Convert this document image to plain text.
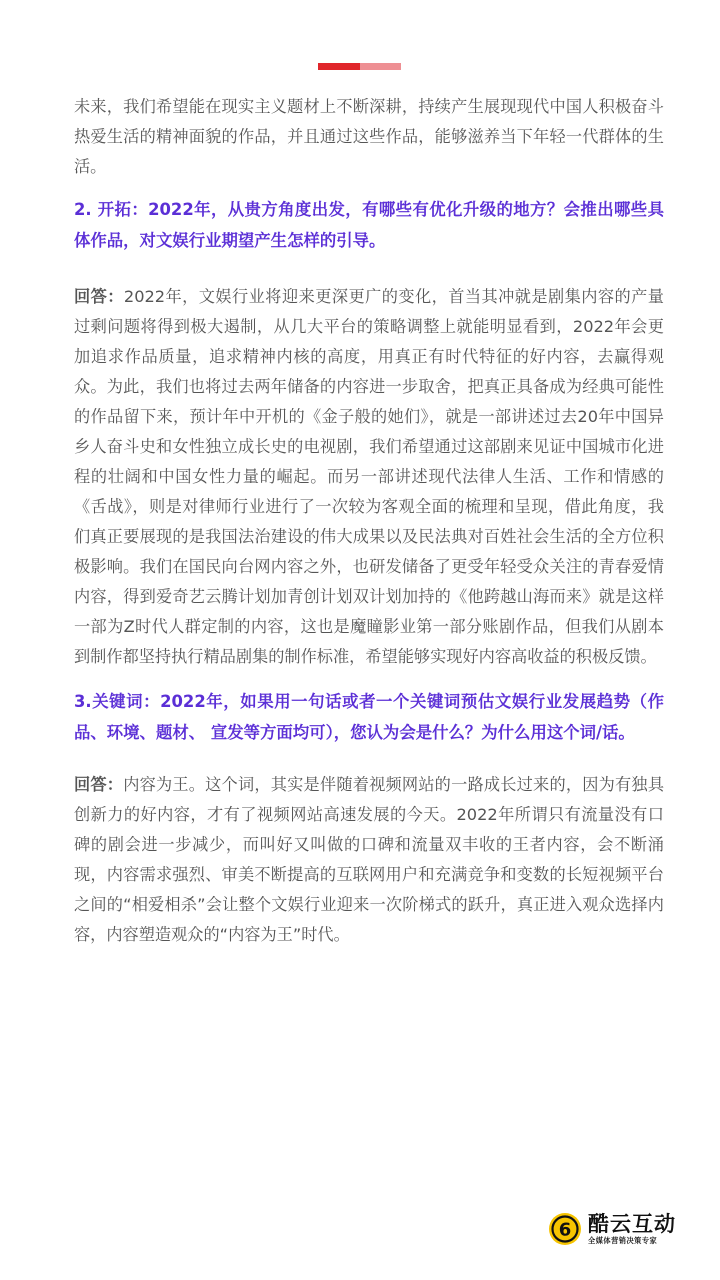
未来，我们希望能在现实主义题材上不断深耕，持续产生展现现代中国人积极奋斗热爱生活的精神面貌的作品，并且通过这些作品，能够滋养当下年轻一代群体的生活。

2. 开拓：2022年，从贵方角度出发，有哪些有优化升级的地方？会推出哪些具体作品，对文娱行业期望产生怎样的引导。

回答：2022年，文娱行业将迎来更深更广的变化，首当其冲就是剧集内容的产量过剩问题将得到极大遏制，从几大平台的策略调整上就能明显看到，2022年会更加追求作品质量，追求精神内核的高度，用真正有时代特征的好内容，去赢得观众。为此，我们也将过去两年储备的内容进一步取舍，把真正具备成为经典可能性的作品留下来，预计年中开机的《金子般的她们》，就是一部讲述过去20年中国异乡人奋斗史和女性独立成长史的电视剧，我们希望通过这部剧来见证中国城市化进程的壮阔和中国女性力量的崛起。而另一部讲述现代法律人生活、工作和情感的《舌战》，则是对律师行业进行了一次较为客观全面的梳理和呈现，借此角度，我们真正要展现的是我国法治建设的伟大成果以及民法典对百姓社会生活的全方位积极影响。我们在国民向台网内容之外，也研发储备了更受年轻受众关注的青春爱情内容，得到爱奇艺云腾计划加青创计划双计划加持的《他跨越山海而来》就是这样一部为Z时代人群定制的内容，这也是魔瞳影业第一部分账剧作品，但我们从剧本到制作都坚持执行精品剧集的制作标准，希望能够实现好内容高收益的积极反馈。

3.关键词：2022年，如果用一句话或者一个关键词预估文娱行业发展趋势（作品、环境、题材、 宣发等方面均可），您认为会是什么？为什么用这个词/话。

回答：内容为王。这个词，其实是伴随着视频网站的一路成长过来的，因为有独具创新力的好内容，才有了视频网站高速发展的今天。2022年所谓只有流量没有口碑的剧会进一步减少，而叫好又叫做的口碑和流量双丰收的王者内容，会不断涌现，内容需求强烈、审美不断提高的互联网用户和充满竞争和变数的长短视频平台之间的“相爱相杀”会让整个文娱行业迎来一次阶梯式的跃升，真正进入观众选择内容，内容塑造观众的“内容为王”时代。

6 酷云互动
全媒体营销决策专家
